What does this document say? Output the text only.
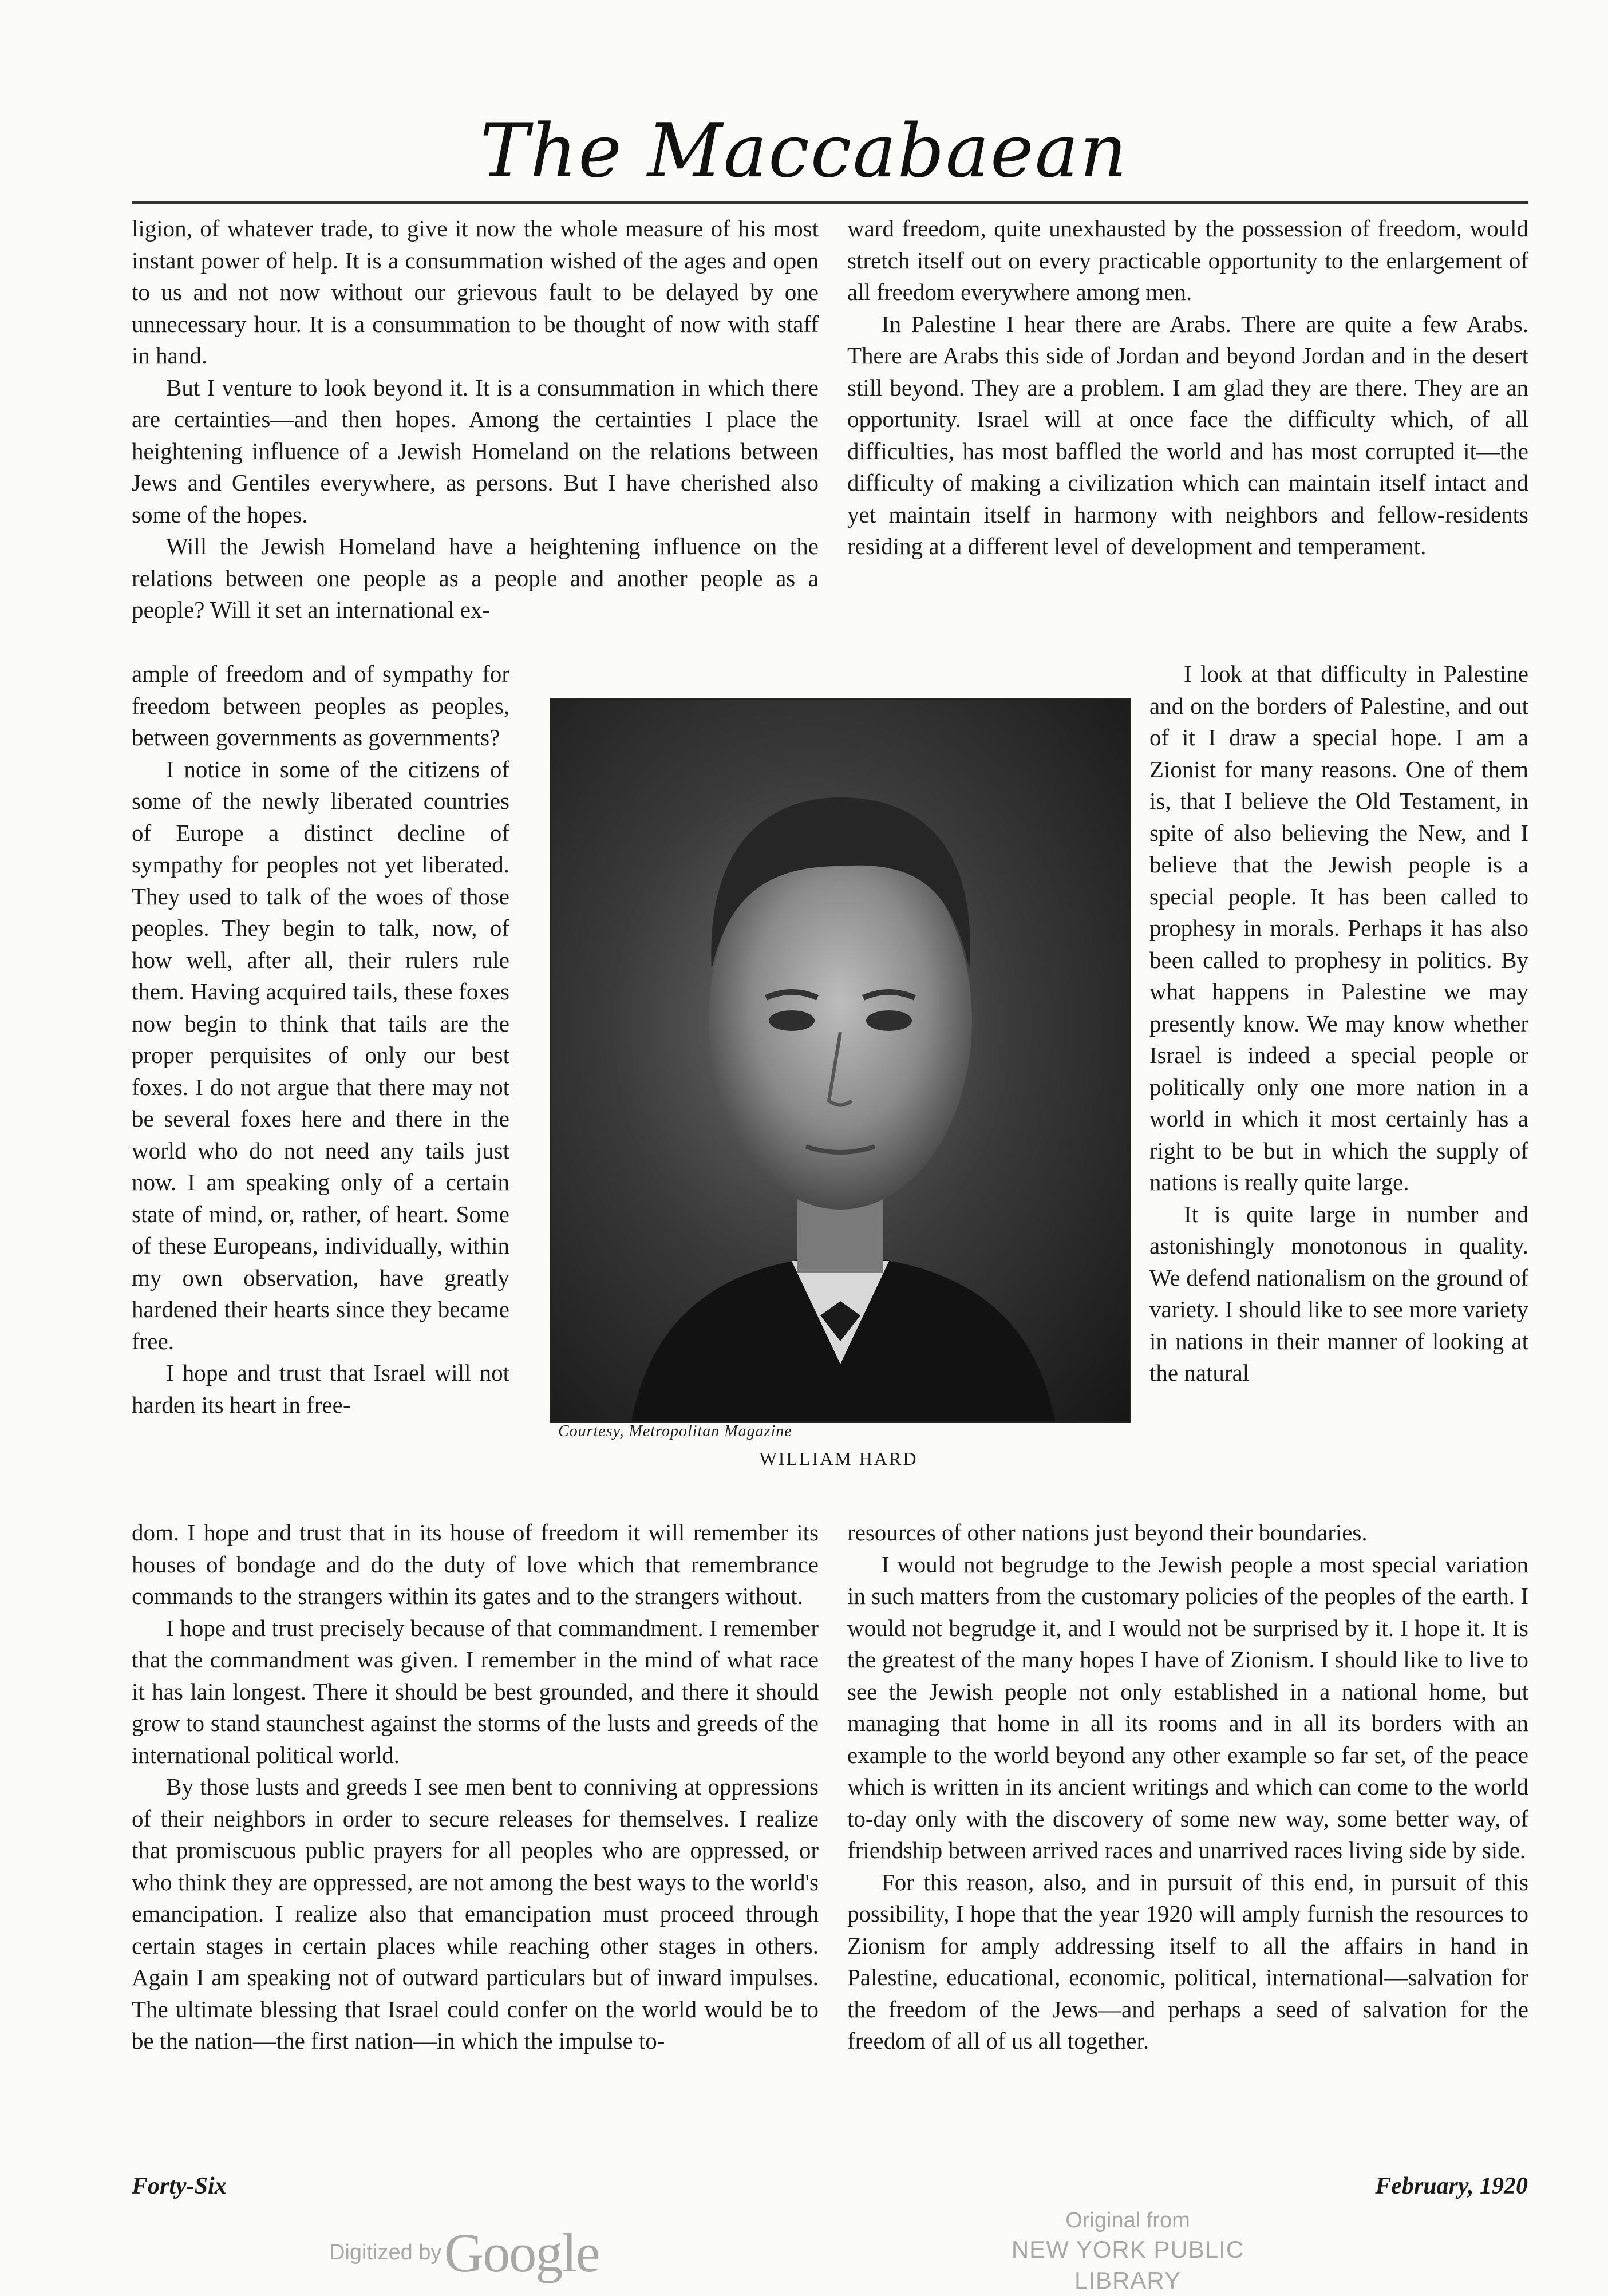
The Maccabaean

ligion, of whatever trade, to give it now the whole measure of his most instant power of help. It is a consummation wished of the ages and open to us and not now without our grievous fault to be delayed by one unnecessary hour. It is a consummation to be thought of now with staff in hand.

But I venture to look beyond it. It is a consummation in which there are certainties—and then hopes. Among the certainties I place the heightening influence of a Jewish Homeland on the relations between Jews and Gentiles everywhere, as persons. But I have cherished also some of the hopes.

Will the Jewish Homeland have a heightening influence on the relations between one people as a people and another people as a people? Will it set an international ex-

ample of freedom and of sympathy for freedom between peoples as peoples, between governments as governments?

I notice in some of the citizens of some of the newly liberated countries of Europe a distinct decline of sympathy for peoples not yet liberated. They used to talk of the woes of those peoples. They begin to talk, now, of how well, after all, their rulers rule them. Having acquired tails, these foxes now begin to think that tails are the proper perquisites of only our best foxes. I do not argue that there may not be several foxes here and there in the world who do not need any tails just now. I am speaking only of a certain state of mind, or, rather, of heart. Some of these Europeans, individually, within my own observation, have greatly hardened their hearts since they became free.

I hope and trust that Israel will not harden its heart in free-

dom. I hope and trust that in its house of freedom it will remember its houses of bondage and do the duty of love which that remembrance commands to the strangers within its gates and to the strangers without.

I hope and trust precisely because of that commandment. I remember that the commandment was given. I remember in the mind of what race it has lain longest. There it should be best grounded, and there it should grow to stand staunchest against the storms of the lusts and greeds of the international political world.

By those lusts and greeds I see men bent to conniving at oppressions of their neighbors in order to secure releases for themselves. I realize that promiscuous public prayers for all peoples who are oppressed, or who think they are oppressed, are not among the best ways to the world's emancipation. I realize also that emancipation must proceed through certain stages in certain places while reaching other stages in others. Again I am speaking not of outward particulars but of inward impulses. The ultimate blessing that Israel could confer on the world would be to be the nation—the first nation—in which the impulse to-

ward freedom, quite unexhausted by the possession of freedom, would stretch itself out on every practicable opportunity to the enlargement of all freedom everywhere among men.

In Palestine I hear there are Arabs. There are quite a few Arabs. There are Arabs this side of Jordan and beyond Jordan and in the desert still beyond. They are a problem. I am glad they are there. They are an opportunity. Israel will at once face the difficulty which, of all difficulties, has most baffled the world and has most corrupted it—the difficulty of making a civilization which can maintain itself intact and yet maintain itself in harmony with neighbors and fellow-residents residing at a different level of development and temperament.

I look at that difficulty in Palestine and on the borders of Palestine, and out of it I draw a special hope. I am a Zionist for many reasons. One of them is, that I believe the Old Testament, in spite of also believing the New, and I believe that the Jewish people is a special people. It has been called to prophesy in morals. Perhaps it has also been called to prophesy in politics. By what happens in Palestine we may presently know. We may know whether Israel is indeed a special people or politically only one more nation in a world in which it most certainly has a right to be but in which the supply of nations is really quite large.

It is quite large in number and astonishingly monotonous in quality. We defend nationalism on the ground of variety. I should like to see more variety in nations in their manner of looking at the natural

resources of other nations just beyond their boundaries.

I would not begrudge to the Jewish people a most special variation in such matters from the customary policies of the peoples of the earth. I would not begrudge it, and I would not be surprised by it. I hope it. It is the greatest of the many hopes I have of Zionism. I should like to live to see the Jewish people not only established in a national home, but managing that home in all its rooms and in all its borders with an example to the world beyond any other example so far set, of the peace which is written in its ancient writings and which can come to the world to-day only with the discovery of some new way, some better way, of friendship between arrived races and unarrived races living side by side.

For this reason, also, and in pursuit of this end, in pursuit of this possibility, I hope that the year 1920 will amply furnish the resources to Zionism for amply addressing itself to all the affairs in hand in Palestine, educational, economic, political, international—salvation for the freedom of the Jews—and perhaps a seed of salvation for the freedom of all of us all together.

Courtesy, Metropolitan Magazine
WILLIAM HARD
Forty-Six	February, 1920
Digitized by Google
Original from
NEW YORK PUBLIC LIBRARY
